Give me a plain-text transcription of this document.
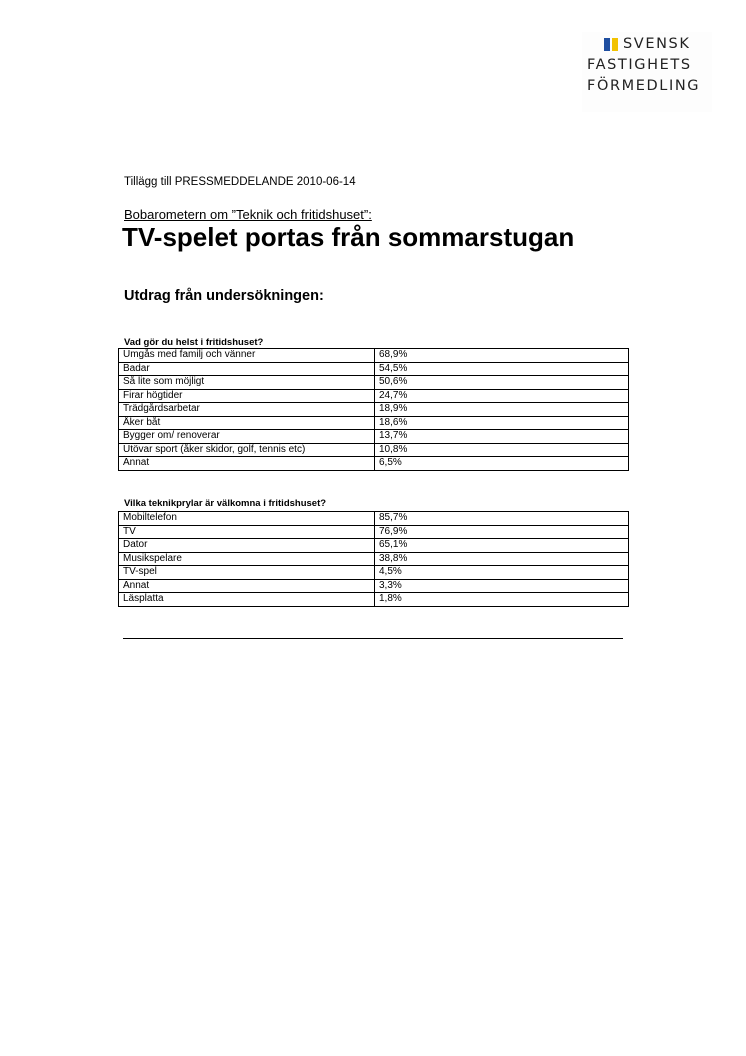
SVENSK
FASTIGHETS
FÖRMEDLING
Tillägg till PRESSMEDDELANDE 2010-06-14
Bobarometern om ”Teknik och fritidshuset”:
TV-spelet portas från sommarstugan
Utdrag från undersökningen:
Vad gör du helst i fritidshuset?
Umgås med familj och vänner	68,9%
Badar	54,5%
Så lite som möjligt	50,6%
Firar högtider	24,7%
Trädgårdsarbetar	18,9%
Åker båt	18,6%
Bygger om/ renoverar	13,7%
Utövar sport (åker skidor, golf, tennis etc)	10,8%
Annat	6,5%
Vilka teknikprylar är välkomna i fritidshuset?
Mobiltelefon	85,7%
TV	76,9%
Dator	65,1%
Musikspelare	38,8%
TV-spel	4,5%
Annat	3,3%
Läsplatta	1,8%
